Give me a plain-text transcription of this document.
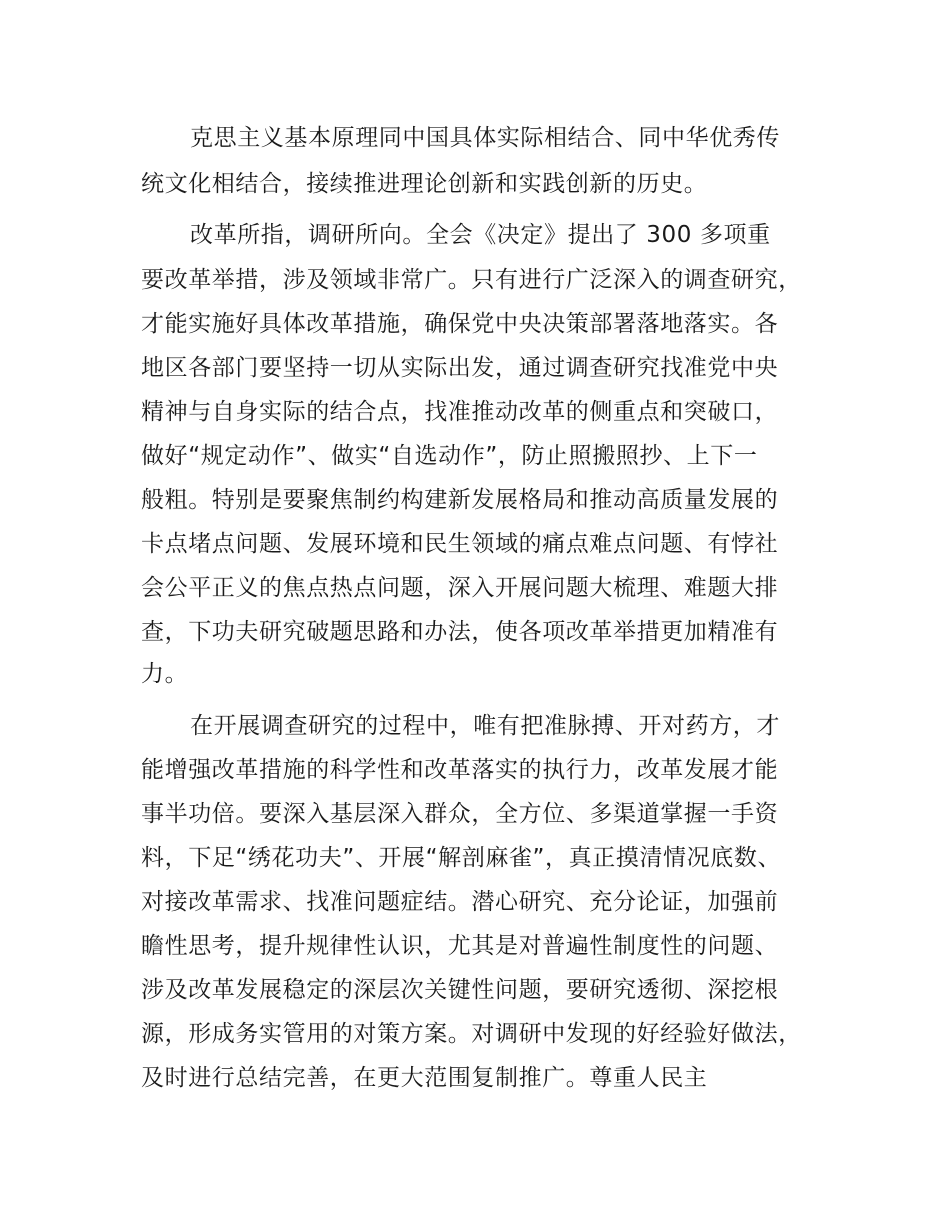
克思主义基本原理同中国具体实际相结合、同中华优秀传
统文化相结合，接续推进理论创新和实践创新的历史。
改革所指，调研所向。全会《决定》提出了 300 多项重
要改革举措，涉及领域非常广。只有进行广泛深入的调查研究，
才能实施好具体改革措施，确保党中央决策部署落地落实。各
地区各部门要坚持一切从实际出发，通过调查研究找准党中央
精神与自身实际的结合点，找准推动改革的侧重点和突破口，
做好“规定动作”、做实“自选动作”，防止照搬照抄、上下一
般粗。特别是要聚焦制约构建新发展格局和推动高质量发展的
卡点堵点问题、发展环境和民生领域的痛点难点问题、有悖社
会公平正义的焦点热点问题，深入开展问题大梳理、难题大排
查，下功夫研究破题思路和办法，使各项改革举措更加精准有
力。
在开展调查研究的过程中，唯有把准脉搏、开对药方，才
能增强改革措施的科学性和改革落实的执行力，改革发展才能
事半功倍。要深入基层深入群众，全方位、多渠道掌握一手资
料，下足“绣花功夫”、开展“解剖麻雀”，真正摸清情况底数、
对接改革需求、找准问题症结。潜心研究、充分论证，加强前
瞻性思考，提升规律性认识，尤其是对普遍性制度性的问题、
涉及改革发展稳定的深层次关键性问题，要研究透彻、深挖根
源，形成务实管用的对策方案。对调研中发现的好经验好做法，
及时进行总结完善，在更大范围复制推广。尊重人民主
